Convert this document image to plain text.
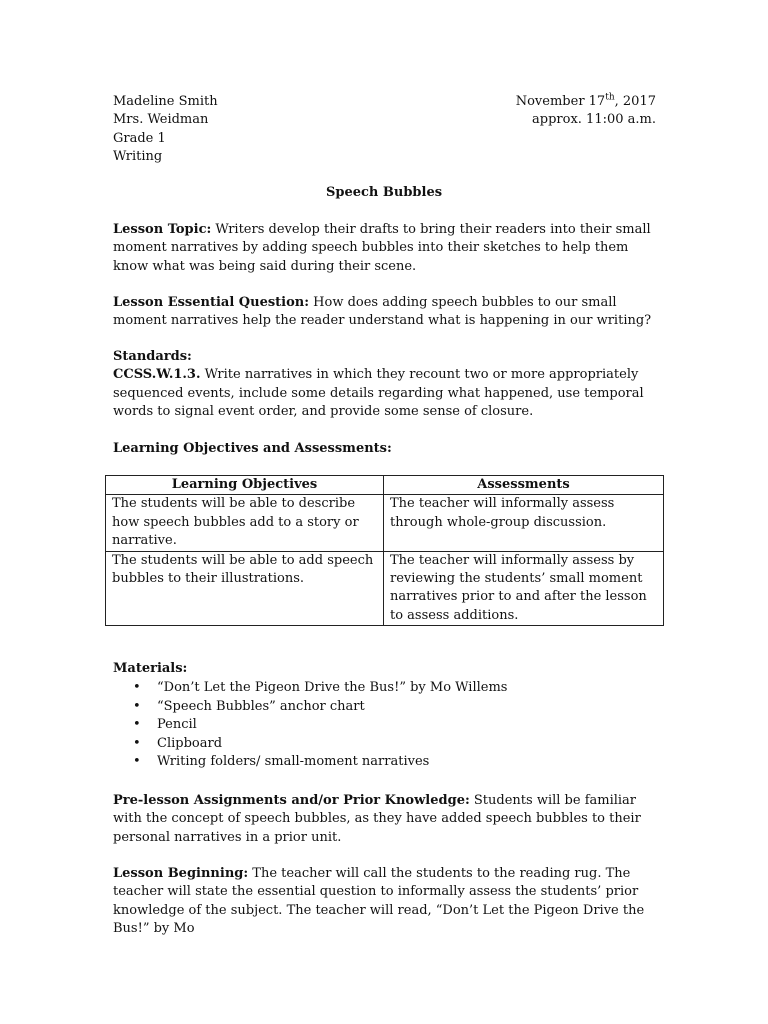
Madeline Smith
Mrs. Weidman
Grade 1
Writing
November 17th, 2017
approx. 11:00 a.m.
Speech Bubbles

Lesson Topic: Writers develop their drafts to bring their readers into their small moment narratives by adding speech bubbles into their sketches to help them know what was being said during their scene.

Lesson Essential Question: How does adding speech bubbles to our small moment narratives help the reader understand what is happening in our writing?

Standards:

CCSS.W.1.3. Write narratives in which they recount two or more appropriately sequenced events, include some details regarding what happened, use temporal words to signal event order, and provide some sense of closure.

Learning Objectives and Assessments:

Learning Objectives	Assessments
The students will be able to describe how speech bubbles add to a story or narrative.	The teacher will informally assess through whole-group discussion.
The students will be able to add speech bubbles to their illustrations.	The teacher will informally assess by reviewing the students’ small moment narratives prior to and after the lesson to assess additions.

Materials:

• “Don’t Let the Pigeon Drive the Bus!” by Mo Willems
• “Speech Bubbles” anchor chart
• Pencil
• Clipboard
• Writing folders/ small-moment narratives

Pre-lesson Assignments and/or Prior Knowledge: Students will be familiar with the concept of speech bubbles, as they have added speech bubbles to their personal narratives in a prior unit.

Lesson Beginning: The teacher will call the students to the reading rug. The teacher will state the essential question to informally assess the students’ prior knowledge of the subject. The teacher will read, “Don’t Let the Pigeon Drive the Bus!” by Mo
